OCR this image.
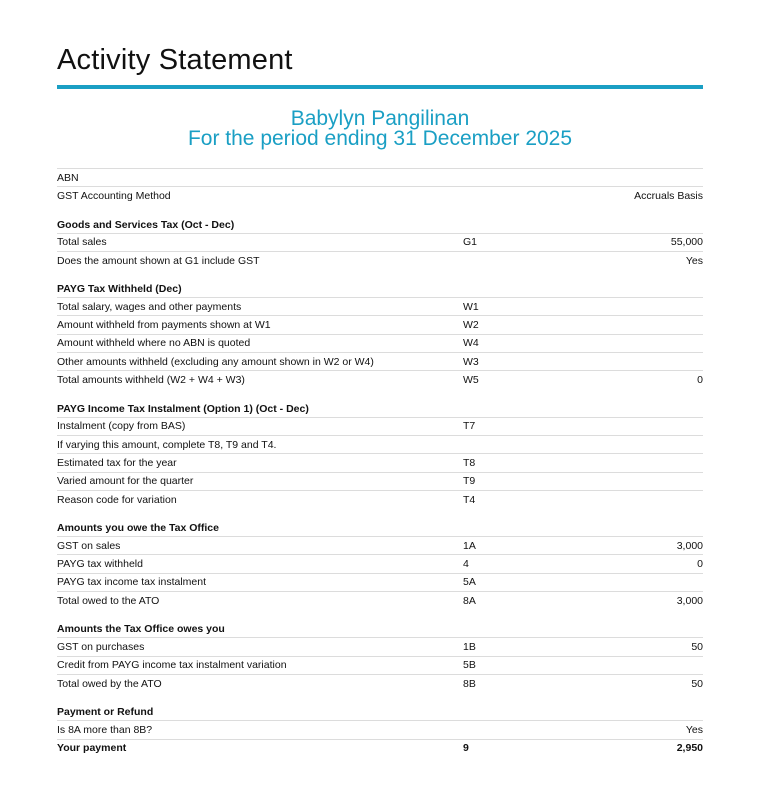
Activity Statement
Babylyn Pangilinan
For the period ending 31 December 2025
ABN		
GST Accounting Method		Accruals Basis
Goods and Services Tax (Oct - Dec)		
Total sales	G1	55,000
Does the amount shown at G1 include GST		Yes
PAYG Tax Withheld (Dec)		
Total salary, wages and other payments	W1	
Amount withheld from payments shown at W1	W2	
Amount withheld where no ABN is quoted	W4	
Other amounts withheld (excluding any amount shown in W2 or W4)	W3	
Total amounts withheld (W2 + W4 + W3)	W5	0
PAYG Income Tax Instalment (Option 1) (Oct - Dec)		
Instalment (copy from BAS)	T7	
If varying this amount, complete T8, T9 and T4.		
Estimated tax for the year	T8	
Varied amount for the quarter	T9	
Reason code for variation	T4	
Amounts you owe the Tax Office		
GST on sales	1A	3,000
PAYG tax withheld	4	0
PAYG tax income tax instalment	5A	
Total owed to the ATO	8A	3,000
Amounts the Tax Office owes you		
GST on purchases	1B	50
Credit from PAYG income tax instalment variation	5B	
Total owed by the ATO	8B	50
Payment or Refund		
Is 8A more than 8B?		Yes
Your payment	9	2,950
